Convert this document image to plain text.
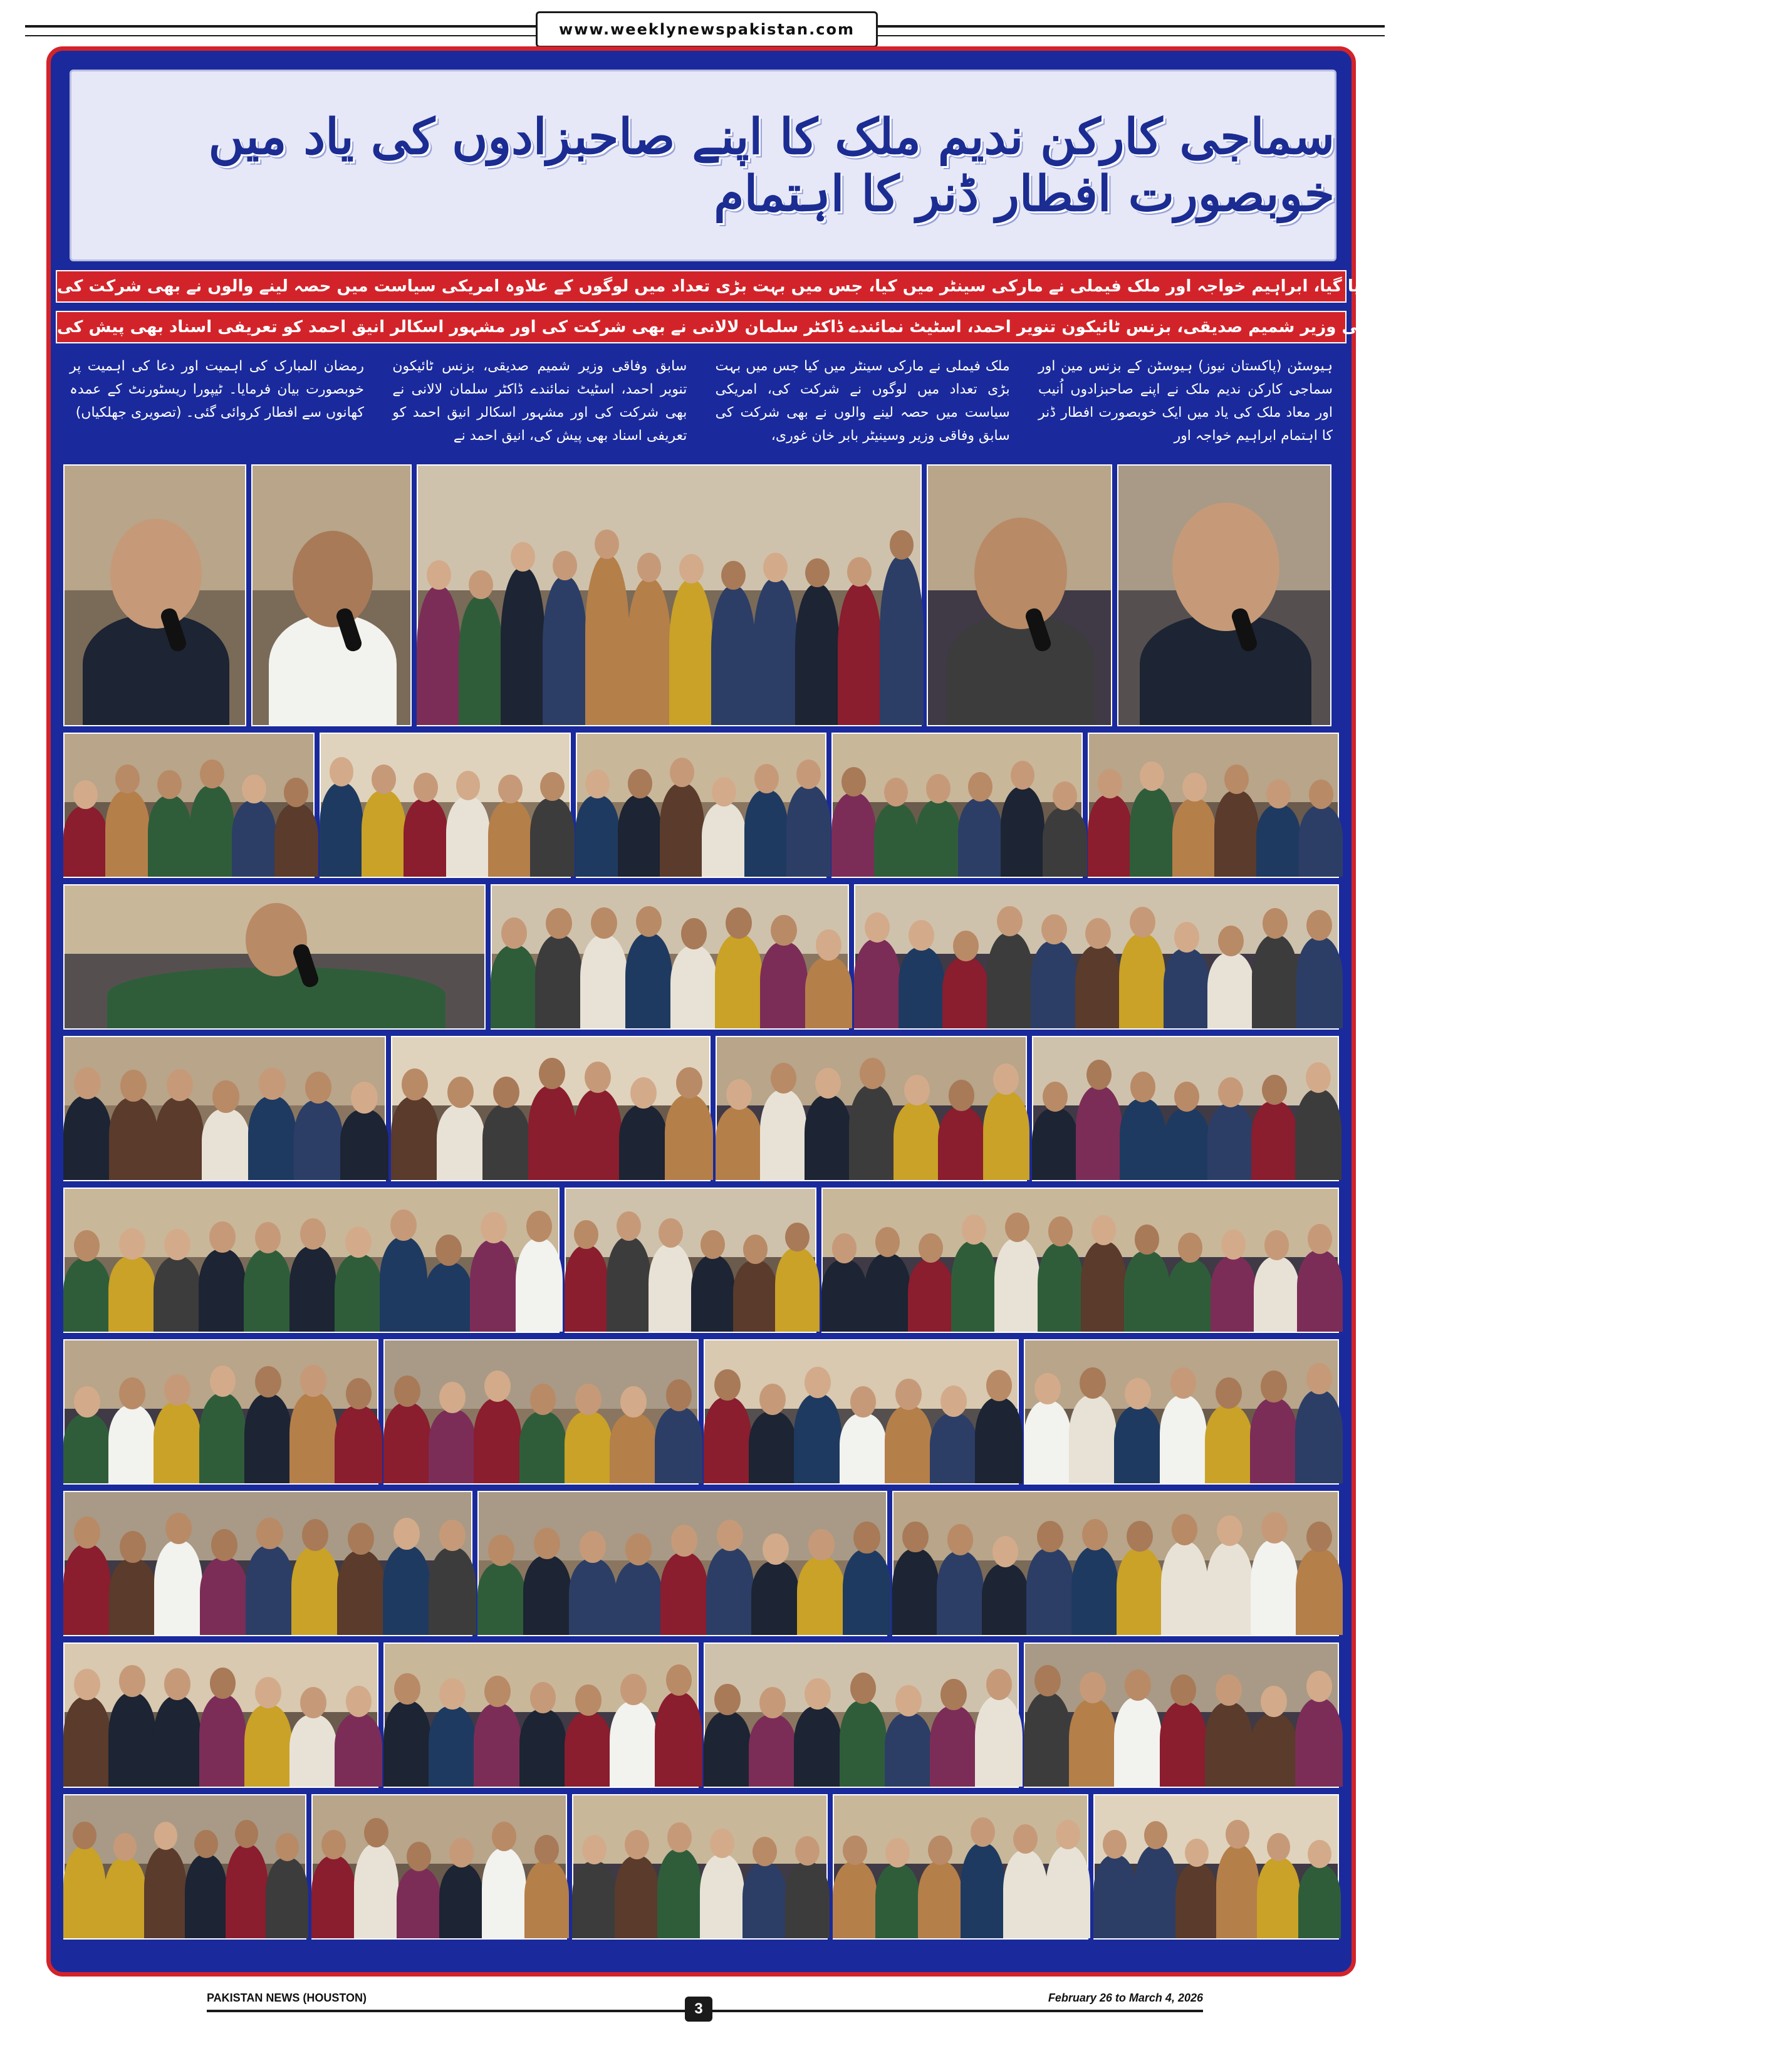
www.weeklynewspakistan.com
سماجی کارکن ندیم ملک کا اپنے صاحبزادوں کی یاد میں خوبصورت افطار ڈنر کا اہتمام
افطار ڈنر کا اہتمام اُنیب اور معاد ملک کی یاد میں کیا گیا، ابراہیم خواجہ اور ملک فیملی نے مارکی سینٹر میں کیا، جس میں بہت بڑی تعداد میں لوگوں کے علاوہ امریکی سیاست میں حصہ لینے والوں نے بھی شرکت کی
سابق وفاقی وزیر وسینیٹر بابر خان غوری، سابق وفاقی وزیر شمیم صدیقی، بزنس ٹائیکون تنویر احمد، اسٹیٹ نمائندے ڈاکٹر سلمان لالانی نے بھی شرکت کی اور مشہور اسکالر انیق احمد کو تعریفی اسناد بھی پیش کی
ہیوسٹن (پاکستان نیوز) ہیوسٹن کے بزنس مین اور سماجی کارکن ندیم ملک نے اپنے صاحبزادوں اُنیب اور معاد ملک کی یاد میں ایک خوبصورت افطار ڈنر کا اہتمام ابراہیم خواجہ اور
ملک فیملی نے مارکی سینٹر میں کیا جس میں بہت بڑی تعداد میں لوگوں نے شرکت کی، امریکی سیاست میں حصہ لینے والوں نے بھی شرکت کی سابق وفاقی وزیر وسینیٹر بابر خان غوری،
سابق وفاقی وزیر شمیم صدیقی، بزنس ٹائیکون تنویر احمد، اسٹیٹ نمائندے ڈاکٹر سلمان لالانی نے بھی شرکت کی اور مشہور اسکالر انیق احمد کو تعریفی اسناد بھی پیش کی، انیق احمد نے
رمضان المبارک کی اہمیت اور دعا کی اہمیت پر خوبصورت بیان فرمایا۔ ٹیپورا ریسٹورنٹ کے عمدہ کھانوں سے افطار کروائی گئی۔ (تصویری جھلکیاں)
PAKISTAN NEWS (HOUSTON)
3
February 26 to March 4, 2026
